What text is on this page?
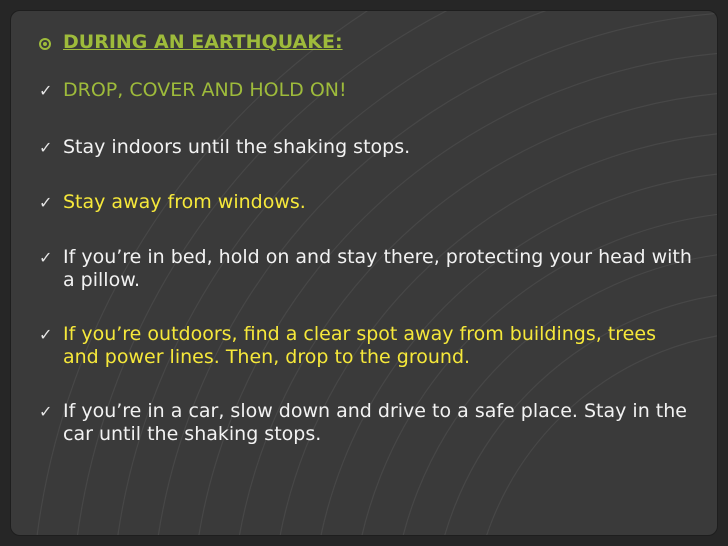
DURING AN EARTHQUAKE:
✓ DROP, COVER AND HOLD ON!
✓ Stay indoors until the shaking stops.
✓ Stay away from windows.
✓ If you’re in bed, hold on and stay there, protecting your head with a pillow.
✓ If you’re outdoors, find a clear spot away from buildings, trees and power lines. Then, drop to the ground.
✓ If you’re in a car, slow down and drive to a safe place. Stay in the car until the shaking stops.
